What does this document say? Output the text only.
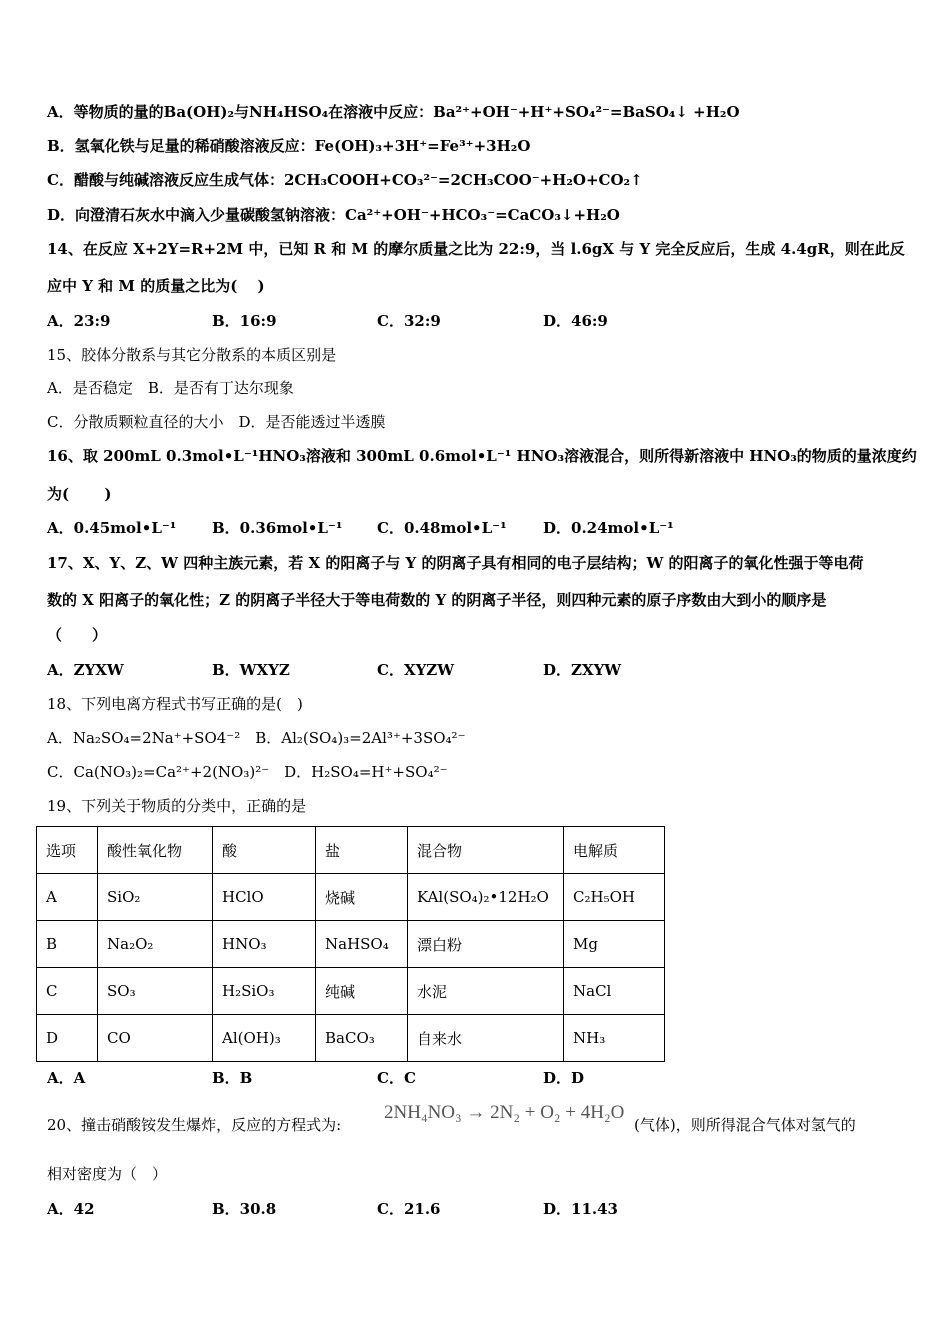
A．等物质的量的Ba(OH)₂与NH₄HSO₄在溶液中反应：Ba²⁺+OH⁻+H⁺+SO₄²⁻=BaSO₄↓ +H₂O
B．氢氧化铁与足量的稀硝酸溶液反应：Fe(OH)₃+3H⁺=Fe³⁺+3H₂O
C．醋酸与纯碱溶液反应生成气体：2CH₃COOH+CO₃²⁻=2CH₃COO⁻+H₂O+CO₂↑
D．向澄清石灰水中滴入少量碳酸氢钠溶液：Ca²⁺+OH⁻+HCO₃⁻=CaCO₃↓+H₂O
14、在反应 X+2Y=R+2M 中，已知 R 和 M 的摩尔质量之比为 22:9，当 l.6gX 与 Y 完全反应后，生成 4.4gR，则在此反
应中 Y 和 M 的质量之比为(　 )
A．23:9	B．16:9	C．32:9	D．46:9
15、胶体分散系与其它分散系的本质区别是
A．是否稳定　B．是否有丁达尔现象
C．分散质颗粒直径的大小　D．是否能透过半透膜
16、取 200mL 0.3mol•L⁻¹HNO₃溶液和 300mL 0.6mol•L⁻¹ HNO₃溶液混合，则所得新溶液中 HNO₃的物质的量浓度约
为(　　 )
A．0.45mol•L⁻¹ B．0.36mol•L⁻¹ C．0.48mol•L⁻¹ D．0.24mol•L⁻¹
17、X、Y、Z、W 四种主族元素，若 X 的阳离子与 Y 的阴离子具有相同的电子层结构；W 的阳离子的氧化性强于等电荷
数的 X 阳离子的氧化性；Z 的阴离子半径大于等电荷数的 Y 的阴离子半径，则四种元素的原子序数由大到小的顺序是
（　　）
A．ZYXW	B．WXYZ	C．XYZW	D．ZXYW
18、下列电离方程式书写正确的是(　)
A．Na₂SO₄=2Na⁺+SO4⁻²　B．Al₂(SO₄)₃=2Al³⁺+3SO₄²⁻
C．Ca(NO₃)₂=Ca²⁺+2(NO₃)²⁻　D．H₂SO₄=H⁺+SO₄²⁻
19、下列关于物质的分类中，正确的是
选项	酸性氧化物	酸	盐	混合物	电解质
A	SiO₂	HClO	烧碱	KAl(SO₄)₂•12H₂O	C₂H₅OH
B	Na₂O₂	HNO₃	NaHSO₄	漂白粉	Mg
C	SO₃	H₂SiO₃	纯碱	水泥	NaCl
D	CO	Al(OH)₃	BaCO₃	自来水	NH₃
A．A	B．B	C．C	D．D
20、撞击硝酸铵发生爆炸，反应的方程式为:
2NH₄NO₃ → 2N₂ + O₂ + 4H₂O
(气体)，则所得混合气体对氢气的
相对密度为（　）
A．42	B．30.8	C．21.6	D．11.43
